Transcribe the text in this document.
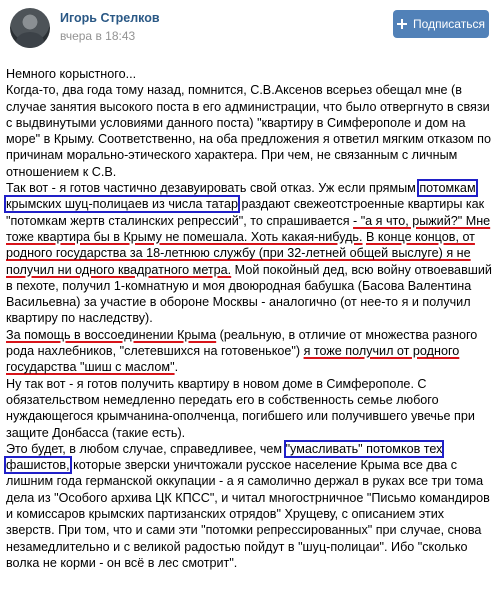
Игорь Стрелков
вчера в 18:43
Подписаться

Немного корыстного...

Когда-то, два года тому назад, помнится, С.В.Аксенов всерьез обещал мне (в случае занятия высокого поста в его администрации, что было отвергнуто в связи с выдвинутыми условиями данного поста) "квартиру в Симферополе и дом на море" в Крыму. Соответственно, на оба предложения я ответил мягким отказом по причинам морально-этического характера. При чем, не связанным с личным отношением к С.В.

Так вот - я готов частично дезавуировать свой отказ. Уж если прямым потомкам крымских шуц-полицаев из числа татар раздают свежеотстроенные квартиры как "потомкам жертв сталинских репрессий", то спрашивается - "а я что, рыжий?" Мне тоже квартира бы в Крыму не помешала. Хоть какая-нибудь. В конце концов, от родного государства за 18-летнюю службу (при 32-летней общей выслуге) я не получил ни одного квадратного метра. Мой покойный дед, всю войну отвоевавший в пехоте, получил 1-комнатную и моя двоюродная бабушка (Басова Валентина Васильевна) за участие в обороне Москвы - аналогично (от нее-то я и получил квартиру по наследству).

За помощь в воссоединении Крыма (реальную, в отличие от множества разного рода нахлебников, "слетевшихся на готовенькое") я тоже получил от родного государства "шиш с маслом".

Ну так вот - я готов получить квартиру в новом доме в Симферополе. С обязательством немедленно передать его в собственность семье любого нуждающегося крымчанина-ополченца, погибшего или получившего увечье при защите Донбасса (такие есть).

Это будет, в любом случае, справедливее, чем "умасливать" потомков тех фашистов, которые зверски уничтожали русское население Крыма все два с лишним года германской оккупации - а я самолично держал в руках все три тома дела из "Особого архива ЦК КПСС", и читал многострничное "Письмо командиров и комиссаров крымских партизанских отрядов" Хрущеву, с описанием этих зверств. При том, что и сами эти "потомки репрессированных" при случае, снова незамедлительно и с великой радостью пойдут в "шуц-полицаи". Ибо "сколько волка не корми - он всё в лес смотрит".
